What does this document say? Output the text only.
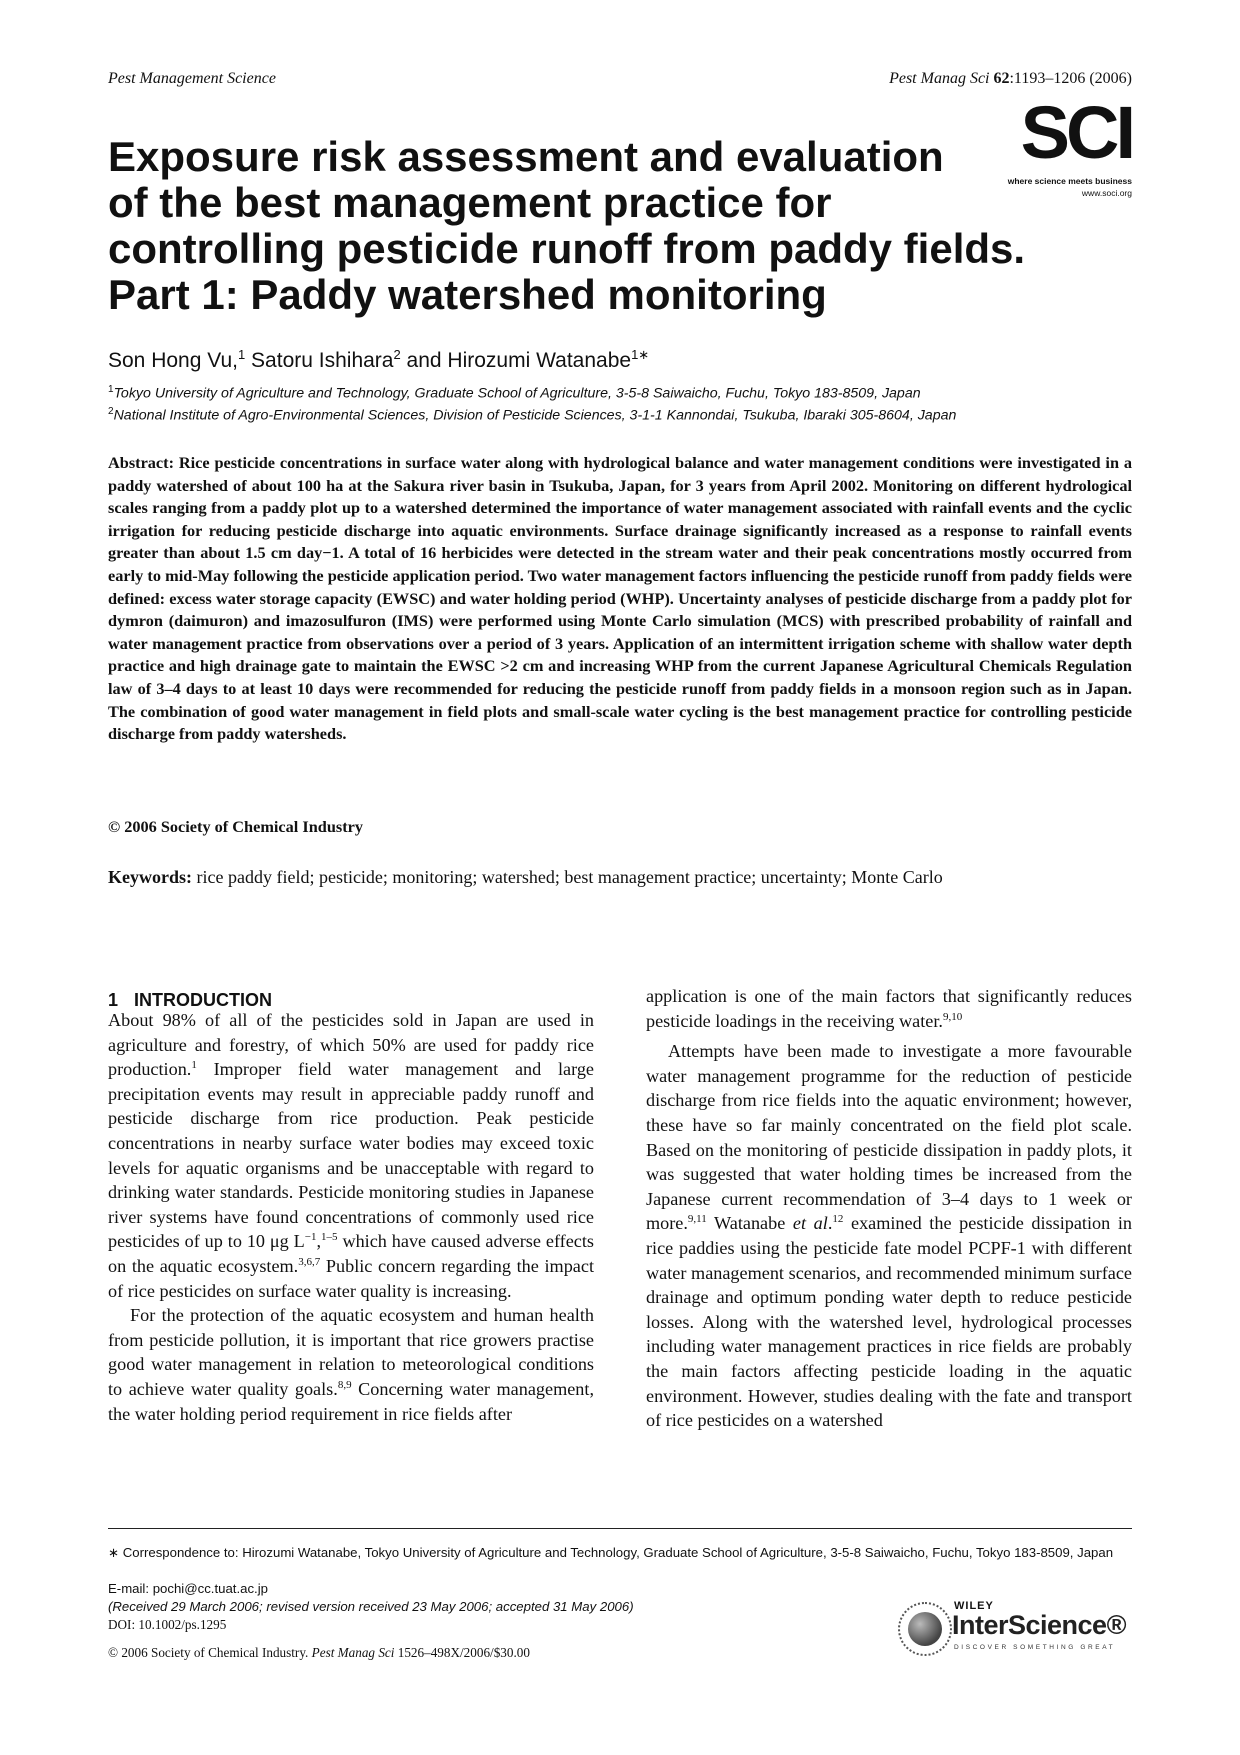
Pest Management Science	Pest Manag Sci 62:1193–1206 (2006)
SCI
where science meets business
www.soci.org
Exposure risk assessment and evaluation
of the best management practice for
controlling pesticide runoff from paddy fields.
Part 1: Paddy watershed monitoring
Son Hong Vu,$^1$ Satoru Ishihara$^2$ and Hirozumi Watanabe$^{1∗}$
$^1$Tokyo University of Agriculture and Technology, Graduate School of Agriculture, 3-5-8 Saiwaicho, Fuchu, Tokyo 183-8509, Japan
$^2$National Institute of Agro-Environmental Sciences, Division of Pesticide Sciences, 3-1-1 Kannondai, Tsukuba, Ibaraki 305-8604, Japan
Abstract: Rice pesticide concentrations in surface water along with hydrological balance and water management conditions were investigated in a paddy watershed of about 100 ha at the Sakura river basin in Tsukuba, Japan, for 3 years from April 2002. Monitoring on different hydrological scales ranging from a paddy plot up to a watershed determined the importance of water management associated with rainfall events and the cyclic irrigation for reducing pesticide discharge into aquatic environments. Surface drainage significantly increased as a response to rainfall events greater than about 1.5 cm day−1. A total of 16 herbicides were detected in the stream water and their peak concentrations mostly occurred from early to mid-May following the pesticide application period. Two water management factors influencing the pesticide runoff from paddy fields were defined: excess water storage capacity (EWSC) and water holding period (WHP). Uncertainty analyses of pesticide discharge from a paddy plot for dymron (daimuron) and imazosulfuron (IMS) were performed using Monte Carlo simulation (MCS) with prescribed probability of rainfall and water management practice from observations over a period of 3 years. Application of an intermittent irrigation scheme with shallow water depth practice and high drainage gate to maintain the EWSC >2 cm and increasing WHP from the current Japanese Agricultural Chemicals Regulation law of 3–4 days to at least 10 days were recommended for reducing the pesticide runoff from paddy fields in a monsoon region such as in Japan. The combination of good water management in field plots and small-scale water cycling is the best management practice for controlling pesticide discharge from paddy watersheds.
© 2006 Society of Chemical Industry
Keywords: rice paddy field; pesticide; monitoring; watershed; best management practice; uncertainty; Monte Carlo
1 INTRODUCTION

About 98% of all of the pesticides sold in Japan are used in agriculture and forestry, of which 50% are used for paddy rice production.$^1$ Improper field water management and large precipitation events may result in appreciable paddy runoff and pesticide discharge from rice production. Peak pesticide concentrations in nearby surface water bodies may exceed toxic levels for aquatic organisms and be unacceptable with regard to drinking water standards. Pesticide monitoring studies in Japanese river systems have found concentrations of commonly used rice pesticides of up to 10 μg $L^{-1},^{1-5}$ which have caused adverse effects on the aquatic ecosystem.$^{3,6,7}$ Public concern regarding the impact of rice pesticides on surface water quality is increasing.

For the protection of the aquatic ecosystem and human health from pesticide pollution, it is important that rice growers practise good water management in relation to meteorological conditions to achieve water quality goals.$^{8,9}$ Concerning water management, the water holding period requirement in rice fields after

application is one of the main factors that significantly reduces pesticide loadings in the receiving water.$^{9,10}$

Attempts have been made to investigate a more favourable water management programme for the reduction of pesticide discharge from rice fields into the aquatic environment; however, these have so far mainly concentrated on the field plot scale. Based on the monitoring of pesticide dissipation in paddy plots, it was suggested that water holding times be increased from the Japanese current recommendation of 3–4 days to 1 week or more.$^{9,11}$ Watanabe et al.$^{12}$ examined the pesticide dissipation in rice paddies using the pesticide fate model PCPF-1 with different water management scenarios, and recommended minimum surface drainage and optimum ponding water depth to reduce pesticide losses. Along with the watershed level, hydrological processes including water management practices in rice fields are probably the main factors affecting pesticide loading in the aquatic environment. However, studies dealing with the fate and transport of rice pesticides on a watershed

∗ Correspondence to: Hirozumi Watanabe, Tokyo University of Agriculture and Technology, Graduate School of Agriculture, 3-5-8 Saiwaicho, Fuchu, Tokyo 183-8509, Japan
E-mail: pochi@cc.tuat.ac.jp
(Received 29 March 2006; revised version received 23 May 2006; accepted 31 May 2006)
DOI: 10.1002/ps.1295
© 2006 Society of Chemical Industry. Pest Manag Sci 1526–498X/2006/$30.00
WILEY
InterScience®
DISCOVER SOMETHING GREAT
